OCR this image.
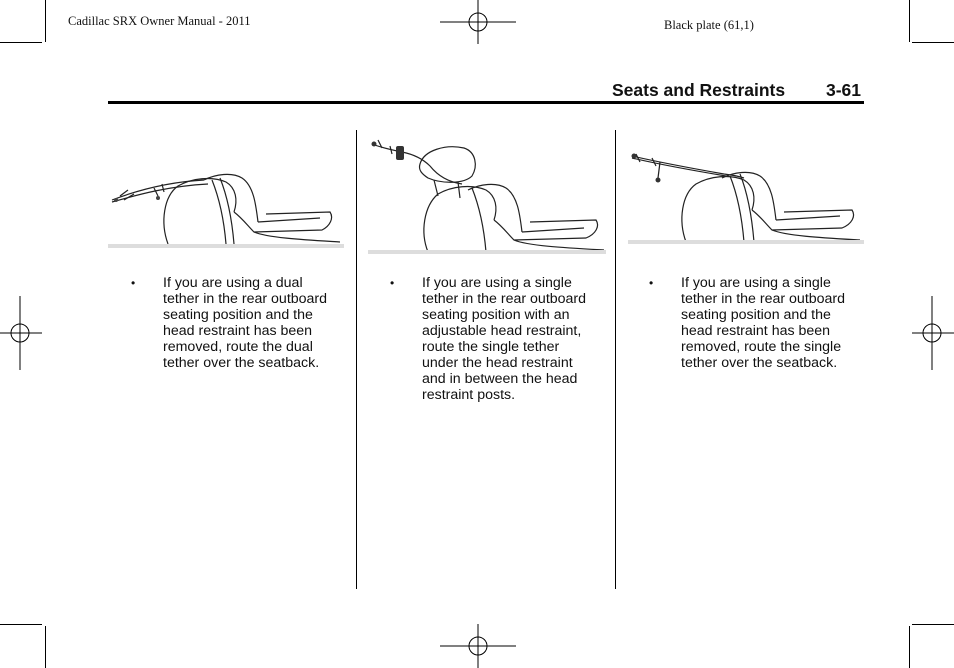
Cadillac SRX Owner Manual - 2011	Black plate (61,1)
Seats and Restraints 3-61
• If you are using a dual
tether in the rear outboard
seating position and the
head restraint has been
removed, route the dual
tether over the seatback.
• If you are using a single
tether in the rear outboard
seating position with an
adjustable head restraint,
route the single tether
under the head restraint
and in between the head
restraint posts.
• If you are using a single
tether in the rear outboard
seating position and the
head restraint has been
removed, route the single
tether over the seatback.
